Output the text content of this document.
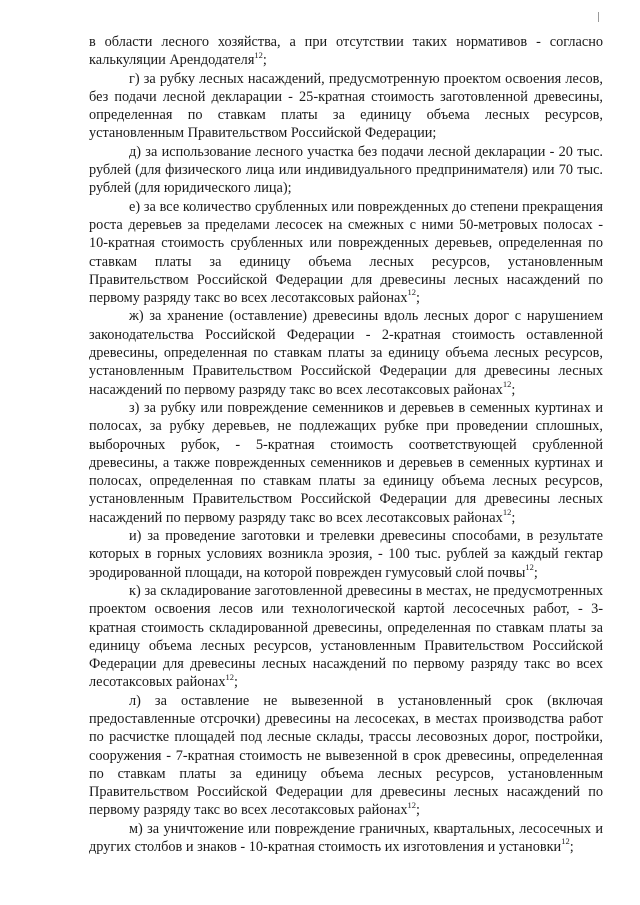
в области лесного хозяйства, а при отсутствии таких нормативов - согласно калькуляции Арендодателя$^{12}$;

г) за рубку лесных насаждений, предусмотренную проектом освоения лесов, без подачи лесной декларации - 25-кратная стоимость заготовленной древесины, определенная по ставкам платы за единицу объема лесных ресурсов, установленным Правительством Российской Федерации;

д) за использование лесного участка без подачи лесной декларации - 20 тыс. рублей (для физического лица или индивидуального предпринимателя) или 70 тыс. рублей (для юридического лица);

е) за все количество срубленных или поврежденных до степени прекращения роста деревьев за пределами лесосек на смежных с ними 50-метровых полосах - 10-кратная стоимость срубленных или поврежденных деревьев, определенная по ставкам платы за единицу объема лесных ресурсов, установленным Правительством Российской Федерации для древесины лесных насаждений по первому разряду такс во всех лесотаксовых районах$^{12}$;

ж) за хранение (оставление) древесины вдоль лесных дорог с нарушением законодательства Российской Федерации - 2-кратная стоимость оставленной древесины, определенная по ставкам платы за единицу объема лесных ресурсов, установленным Правительством Российской Федерации для древесины лесных насаждений по первому разряду такс во всех лесотаксовых районах$^{12}$;

з) за рубку или повреждение семенников и деревьев в семенных куртинах и полосах, за рубку деревьев, не подлежащих рубке при проведении сплошных, выборочных рубок, - 5-кратная стоимость соответствующей срубленной древесины, а также поврежденных семенников и деревьев в семенных куртинах и полосах, определенная по ставкам платы за единицу объема лесных ресурсов, установленным Правительством Российской Федерации для древесины лесных насаждений по первому разряду такс во всех лесотаксовых районах$^{12}$;

и) за проведение заготовки и трелевки древесины способами, в результате которых в горных условиях возникла эрозия, - 100 тыс. рублей за каждый гектар эродированной площади, на которой поврежден гумусовый слой почвы$^{12}$;

к) за складирование заготовленной древесины в местах, не предусмотренных проектом освоения лесов или технологической картой лесосечных работ, - 3-кратная стоимость складированной древесины, определенная по ставкам платы за единицу объема лесных ресурсов, установленным Правительством Российской Федерации для древесины лесных насаждений по первому разряду такс во всех лесотаксовых районах$^{12}$;

л) за оставление не вывезенной в установленный срок (включая предоставленные отсрочки) древесины на лесосеках, в местах производства работ по расчистке площадей под лесные склады, трассы лесовозных дорог, постройки, сооружения - 7-кратная стоимость не вывезенной в срок древесины, определенная по ставкам платы за единицу объема лесных ресурсов, установленным Правительством Российской Федерации для древесины лесных насаждений по первому разряду такс во всех лесотаксовых районах$^{12}$;

м) за уничтожение или повреждение граничных, квартальных, лесосечных и других столбов и знаков - 10-кратная стоимость их изготовления и установки$^{12}$;
